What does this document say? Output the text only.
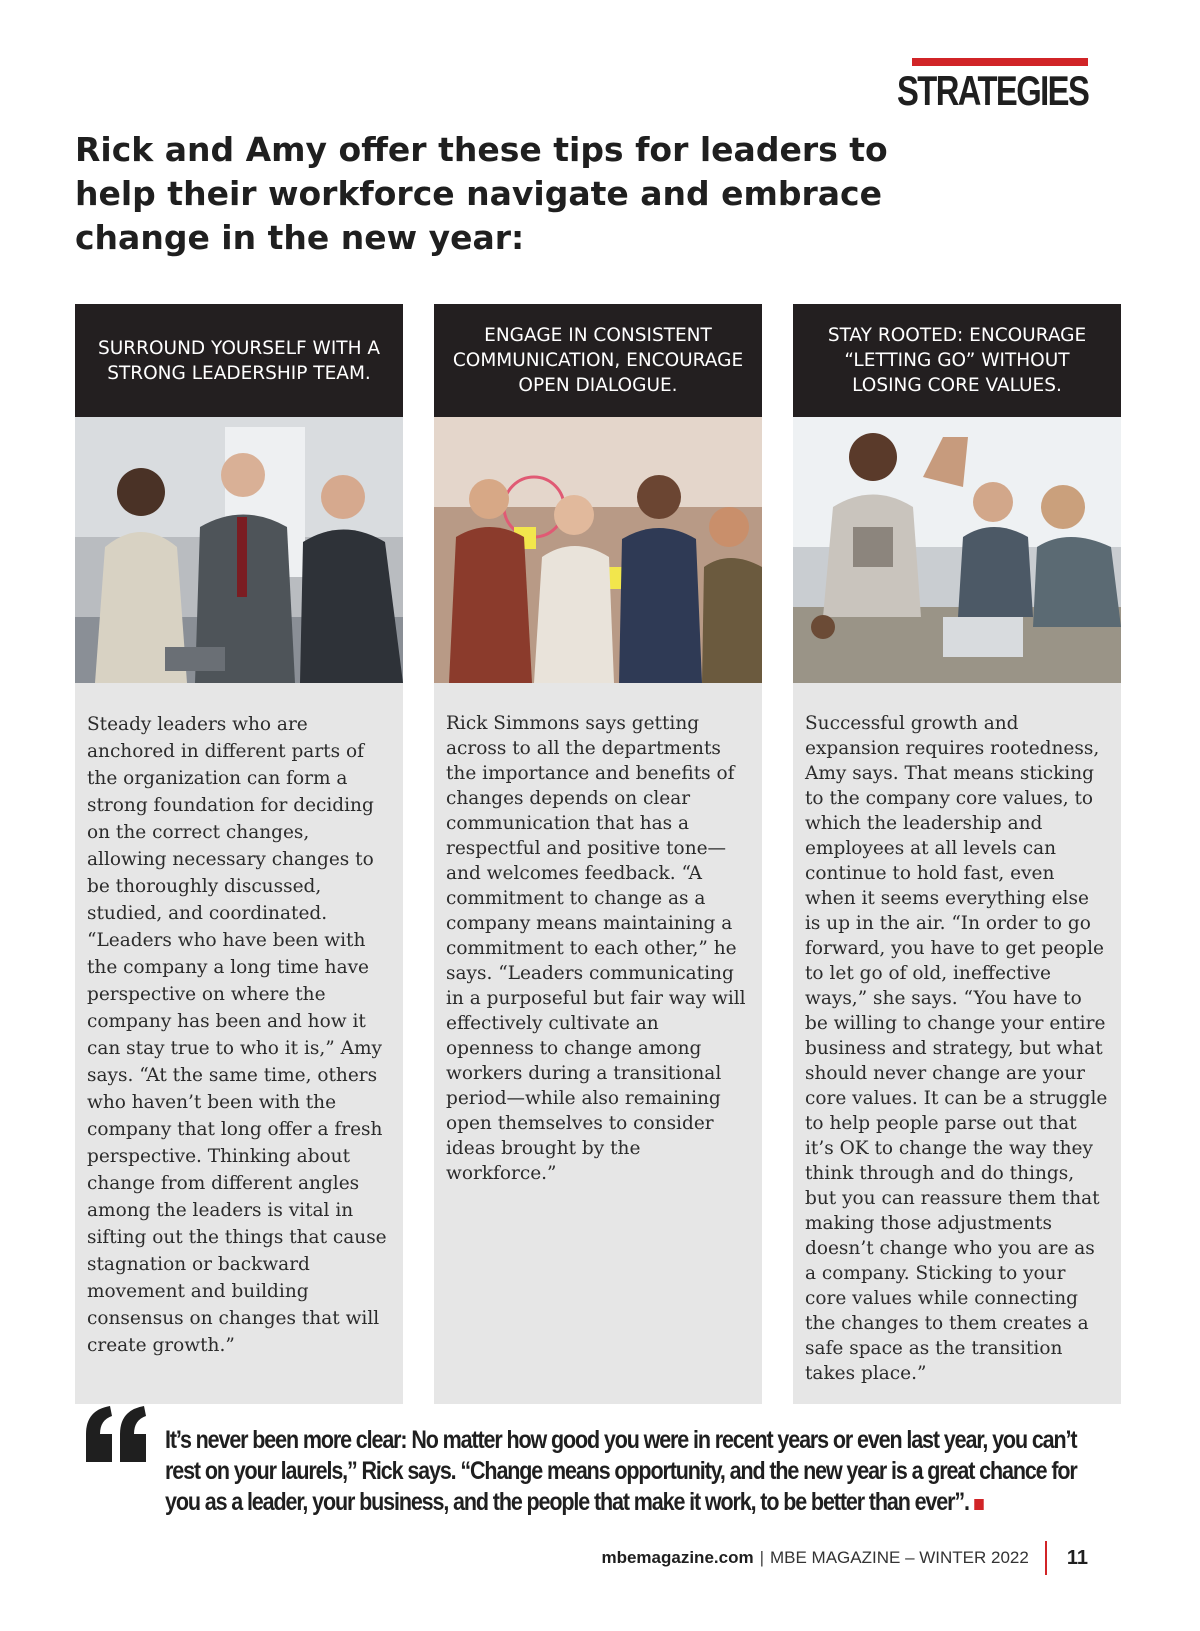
STRATEGIES
Rick and Amy offer these tips for leaders to help their workforce navigate and embrace change in the new year:
SURROUND YOURSELF WITH A STRONG LEADERSHIP TEAM.
Steady leaders who are anchored in different parts of the organization can form a strong foundation for deciding on the correct changes, allowing necessary changes to be thoroughly discussed, studied, and coordinated. “Leaders who have been with the company a long time have perspective on where the company has been and how it can stay true to who it is,” Amy says. “At the same time, others who haven’t been with the company that long offer a fresh perspective. Thinking about change from different angles among the leaders is vital in sifting out the things that cause stagnation or backward movement and building consensus on changes that will create growth.”
ENGAGE IN CONSISTENT COMMUNICATION, ENCOURAGE OPEN DIALOGUE.
Rick Simmons says getting across to all the departments the importance and benefits of changes depends on clear communication that has a respectful and positive tone— and welcomes feedback. “A commitment to change as a company means maintaining a commitment to each other,” he says. “Leaders communicating in a purposeful but fair way will effectively cultivate an openness to change among workers during a transitional period—while also remaining open themselves to consider ideas brought by the workforce.”
STAY ROOTED: ENCOURAGE “LETTING GO” WITHOUT LOSING CORE VALUES.
Successful growth and expansion requires rootedness, Amy says. That means sticking to the company core values, to which the leadership and employees at all levels can continue to hold fast, even when it seems everything else is up in the air. “In order to go forward, you have to get people to let go of old, ineffective ways,” she says. “You have to be willing to change your entire business and strategy, but what should never change are your core values. It can be a struggle to help people parse out that it’s OK to change the way they think through and do things, but you can reassure them that making those adjustments doesn’t change who you are as a company. Sticking to your core values while connecting the changes to them creates a safe space as the transition takes place.”

It’s never been more clear: No matter how good you were in recent years or even last year, you can’t rest on your laurels,” Rick says. “Change means opportunity, and the new year is a great chance for you as a leader, your business, and the people that make it work, to be better than ever”.

mbemagazine.com | MBE MAGAZINE – WINTER 2022 11
